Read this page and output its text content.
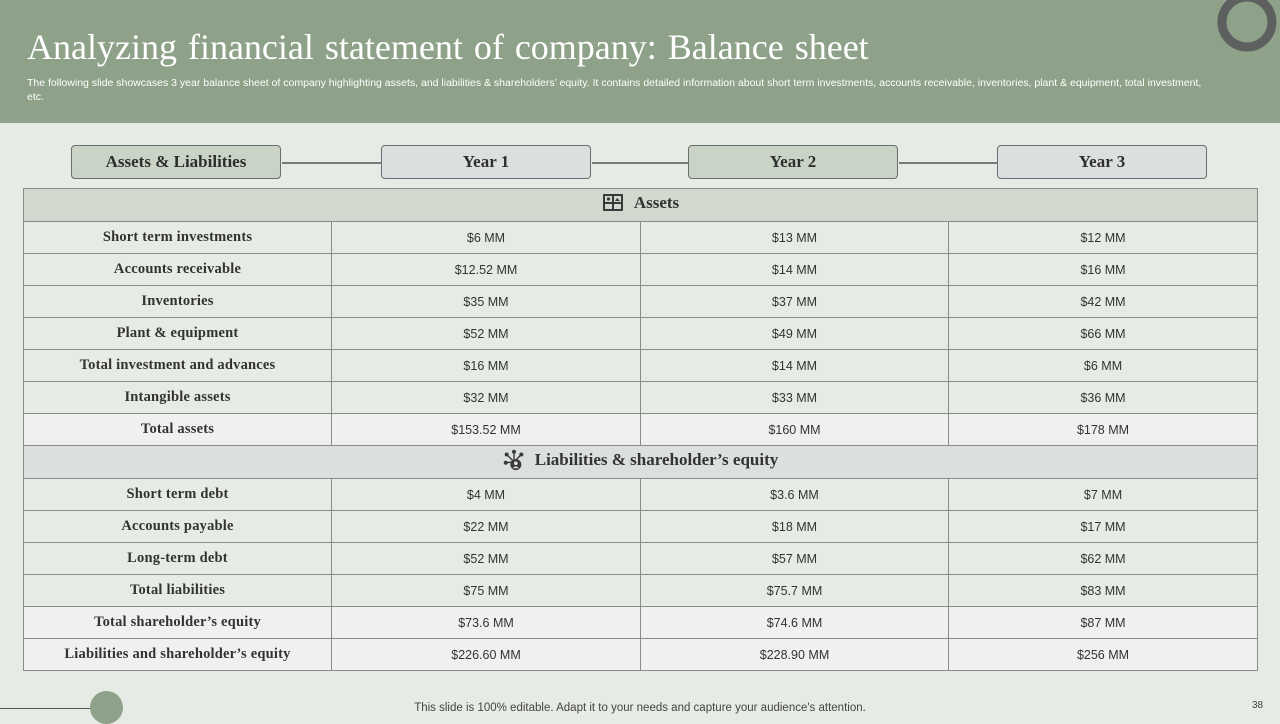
Analyzing financial statement of company: Balance sheet
The following slide showcases 3 year balance sheet of company highlighting assets, and liabilities & shareholders’ equity. It contains detailed information about short term investments, accounts receivable, inventories, plant & equipment, total investment, etc.
Assets & Liabilities	Year 1	Year 2	Year 3
Assets			

Short term investments	$6 MM	$13 MM	$12 MM
Accounts receivable	$12.52 MM	$14 MM	$16 MM
Inventories	$35 MM	$37 MM	$42 MM
Plant & equipment	$52 MM	$49 MM	$66 MM
Total investment and advances	$16 MM	$14 MM	$6 MM
Intangible assets	$32 MM	$33 MM	$36 MM
Total assets	$153.52 MM	$160 MM	$178 MM

Liabilities & shareholder’s equity			

Short term debt	$4 MM	$3.6 MM	$7 MM
Accounts payable	$22 MM	$18 MM	$17 MM
Long-term debt	$52 MM	$57 MM	$62 MM
Total liabilities	$75 MM	$75.7 MM	$83 MM
Total shareholder’s equity	$73.6 MM	$74.6 MM	$87 MM
Liabilities and shareholder’s equity	$226.60 MM	$228.90 MM	$256 MM
This slide is 100% editable. Adapt it to your needs and capture your audience's attention.	38
